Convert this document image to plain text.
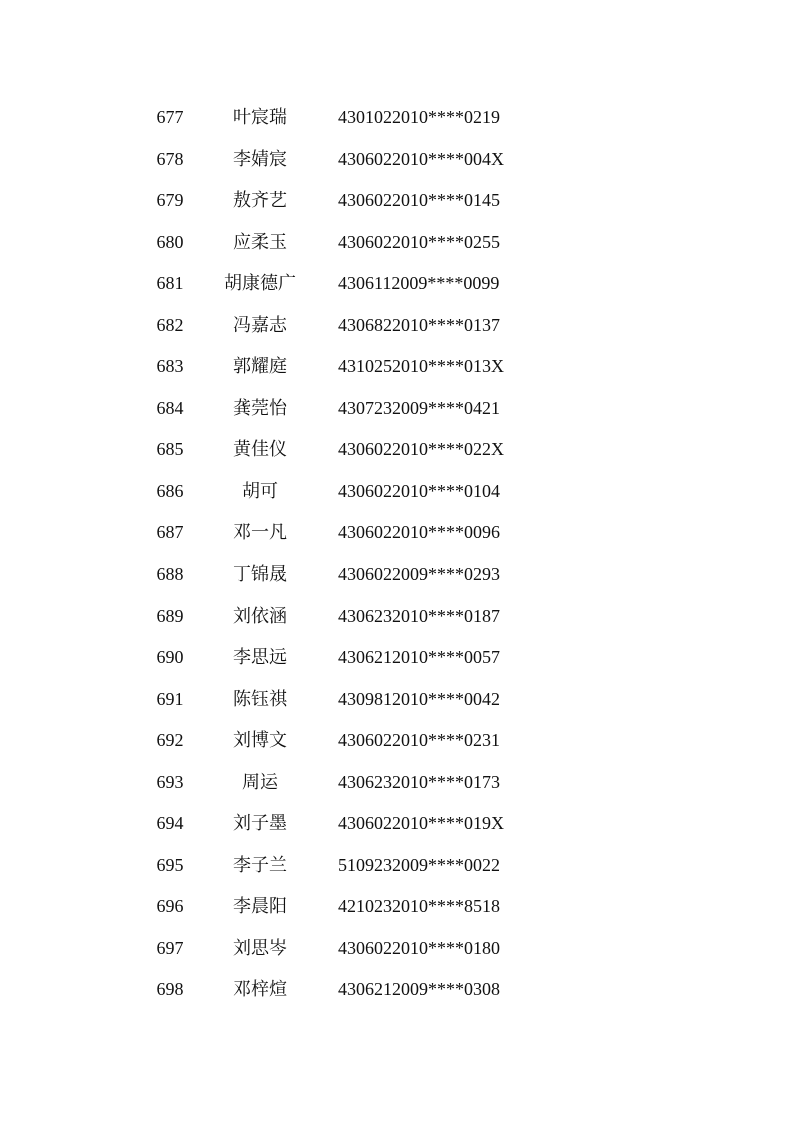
677	叶宸瑞	4301022010****0219
678	李婧宸	4306022010****004X
679	敖齐艺	4306022010****0145
680	应柔玉	4306022010****0255
681	胡康德广	4306112009****0099
682	冯嘉志	4306822010****0137
683	郭耀庭	4310252010****013X
684	龚莞怡	4307232009****0421
685	黄佳仪	4306022010****022X
686	胡可	4306022010****0104
687	邓一凡	4306022010****0096
688	丁锦晟	4306022009****0293
689	刘依涵	4306232010****0187
690	李思远	4306212010****0057
691	陈钰祺	4309812010****0042
692	刘博文	4306022010****0231
693	周运	4306232010****0173
694	刘子墨	4306022010****019X
695	李子兰	5109232009****0022
696	李晨阳	4210232010****8518
697	刘思岑	4306022010****0180
698	邓梓煊	4306212009****0308
